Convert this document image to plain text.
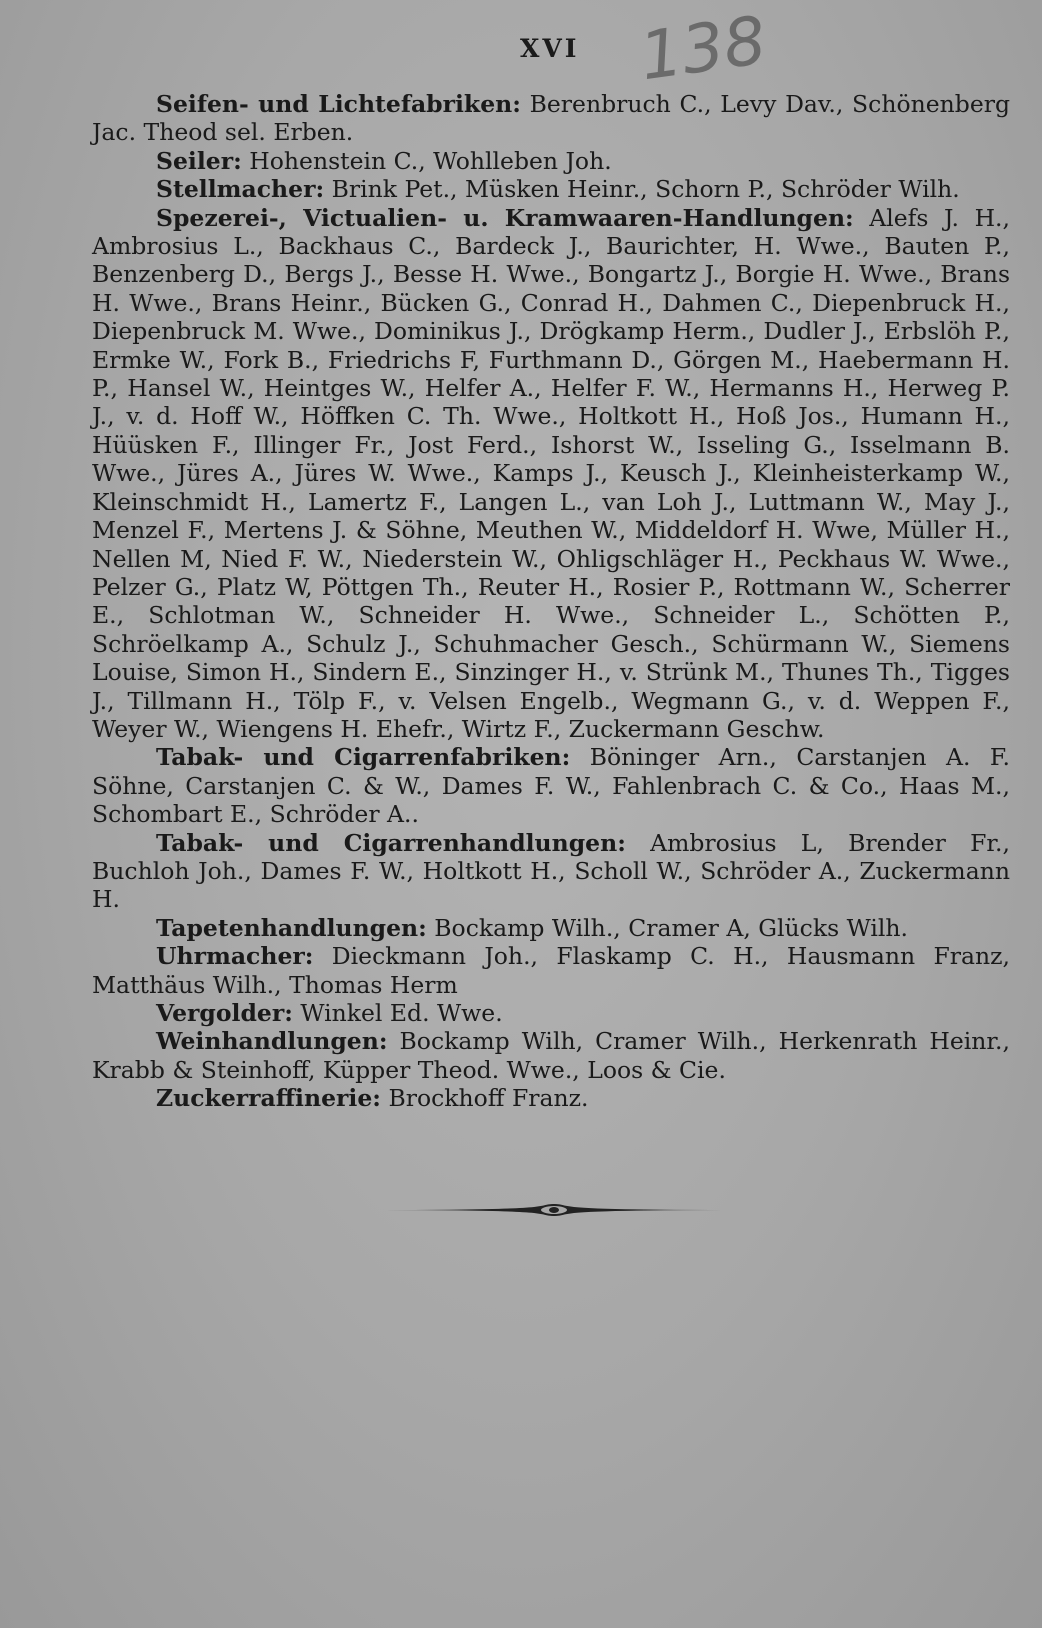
XVI 138

Seifen- und Lichtefabriken: Berenbruch C., Levy Dav., Schönenberg Jac. Theod sel. Erben.

Seiler: Hohenstein C., Wohlleben Joh.

Stellmacher: Brink Pet., Müsken Heinr., Schorn P., Schröder Wilh.

Spezerei-, Victualien- u. Kramwaaren-Handlungen: Alefs J. H., Ambrosius L., Backhaus C., Bardeck J., Baurichter, H. Wwe., Bauten P., Benzenberg D., Bergs J., Besse H. Wwe., Bongartz J., Borgie H. Wwe., Brans H. Wwe., Brans Heinr., Bücken G., Conrad H., Dahmen C., Diepenbruck H., Diepenbruck M. Wwe., Dominikus J., Drögkamp Herm., Dudler J., Erbslöh P., Ermke W., Fork B., Friedrichs F, Furthmann D., Görgen M., Haebermann H. P., Hansel W., Heintges W., Helfer A., Helfer F. W., Hermanns H., Herweg P. J., v. d. Hoff W., Höffken C. Th. Wwe., Holtkott H., Hoß Jos., Humann H., Hüüsken F., Illinger Fr., Jost Ferd., Ishorst W., Isseling G., Isselmann B. Wwe., Jüres A., Jüres W. Wwe., Kamps J., Keusch J., Kleinheisterkamp W., Kleinschmidt H., Lamertz F., Langen L., van Loh J., Luttmann W., May J., Menzel F., Mertens J. & Söhne, Meuthen W., Middeldorf H. Wwe, Müller H., Nellen M, Nied F. W., Niederstein W., Ohligschläger H., Peckhaus W. Wwe., Pelzer G., Platz W, Pöttgen Th., Reuter H., Rosier P., Rottmann W., Scherrer E., Schlotman W., Schneider H. Wwe., Schneider L., Schötten P., Schröelkamp A., Schulz J., Schuhmacher Gesch., Schürmann W., Siemens Louise, Simon H., Sindern E., Sinzinger H., v. Strünk M., Thunes Th., Tigges J., Tillmann H., Tölp F., v. Velsen Engelb., Wegmann G., v. d. Weppen F., Weyer W., Wiengens H. Ehefr., Wirtz F., Zuckermann Geschw.

Tabak- und Cigarrenfabriken: Böninger Arn., Carstanjen A. F. Söhne, Carstanjen C. & W., Dames F. W., Fahlenbrach C. & Co., Haas M., Schombart E., Schröder A..

Tabak- und Cigarrenhandlungen: Ambrosius L, Brender Fr., Buchloh Joh., Dames F. W., Holtkott H., Scholl W., Schröder A., Zuckermann H.

Tapetenhandlungen: Bockamp Wilh., Cramer A, Glücks Wilh.

Uhrmacher: Dieckmann Joh., Flaskamp C. H., Hausmann Franz, Matthäus Wilh., Thomas Herm

Vergolder: Winkel Ed. Wwe.

Weinhandlungen: Bockamp Wilh, Cramer Wilh., Herkenrath Heinr., Krabb & Steinhoff, Küpper Theod. Wwe., Loos & Cie.

Zuckerraffinerie: Brockhoff Franz.
